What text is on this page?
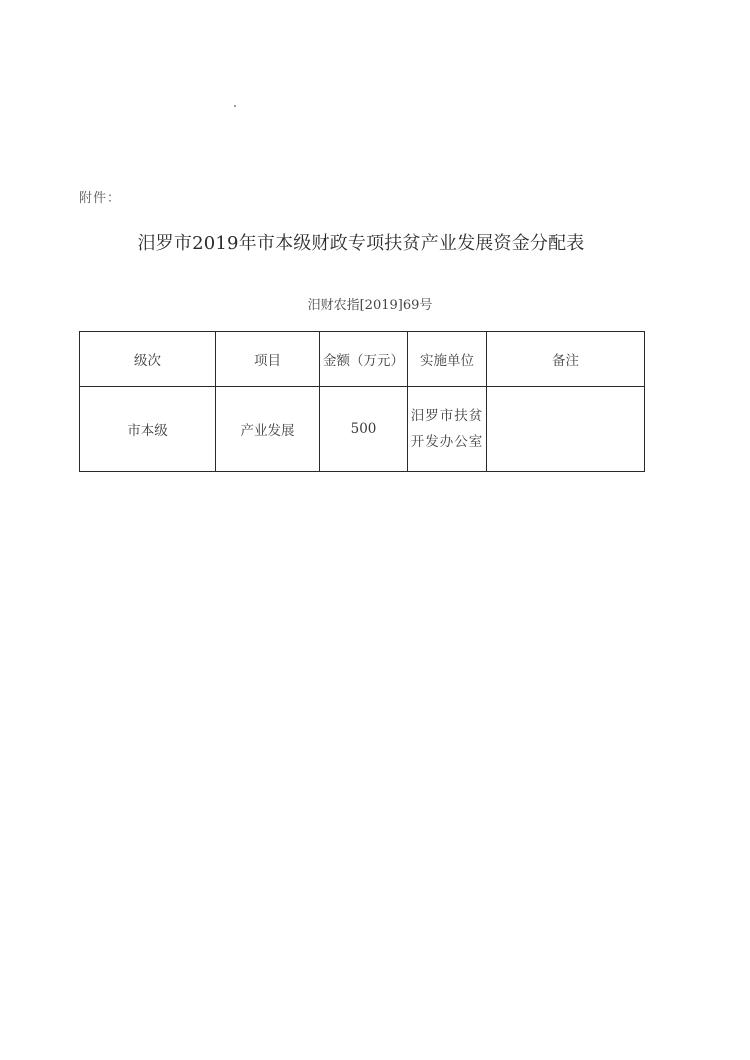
附件：
汨罗市2019年市本级财政专项扶贫产业发展资金分配表
汨财农指[2019]69号
级次	项目	金额（万元）	实施单位	备注
市本级	产业发展	500	汨罗市扶贫
开发办公室	
